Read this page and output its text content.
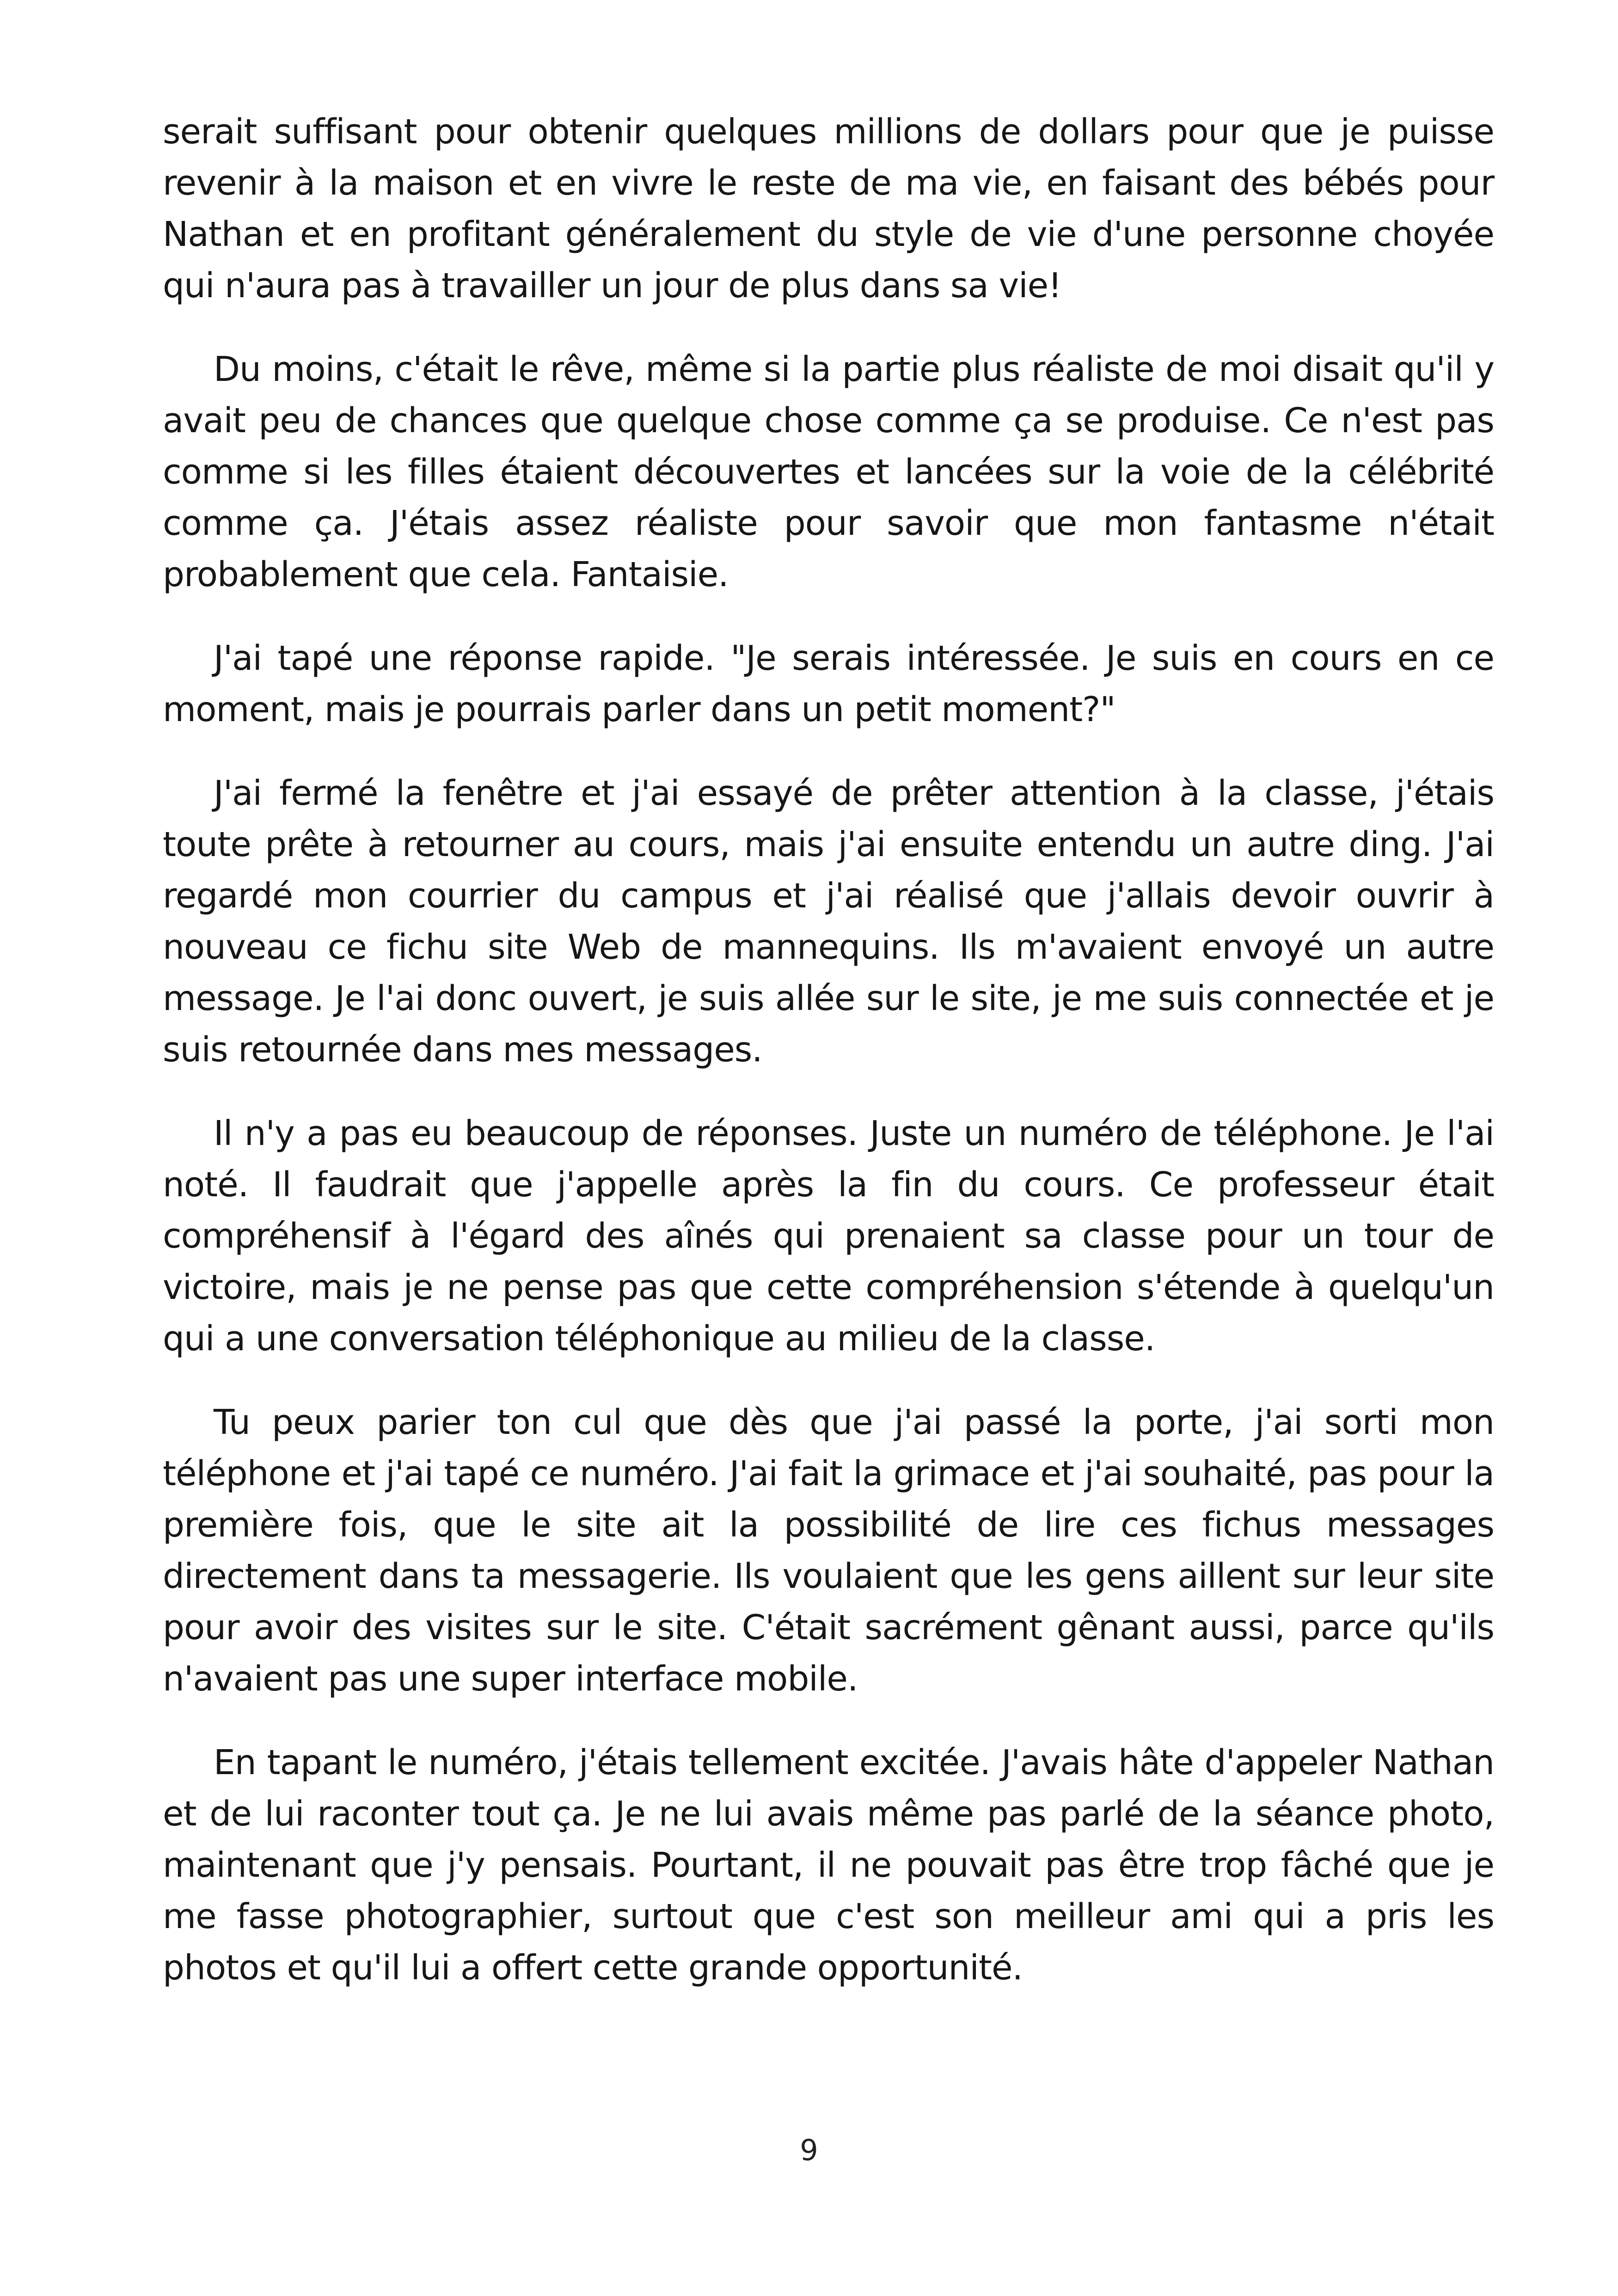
serait suffisant pour obtenir quelques millions de dollars pour que je puisse revenir à la maison et en vivre le reste de ma vie, en faisant des bébés pour Nathan et en profitant généralement du style de vie d'une personne choyée qui n'aura pas à travailler un jour de plus dans sa vie!

Du moins, c'était le rêve, même si la partie plus réaliste de moi disait qu'il y avait peu de chances que quelque chose comme ça se produise. Ce n'est pas comme si les filles étaient découvertes et lancées sur la voie de la célébrité comme ça. J'étais assez réaliste pour savoir que mon fantasme n'était probablement que cela. Fantaisie.

J'ai tapé une réponse rapide. "Je serais intéressée. Je suis en cours en ce moment, mais je pourrais parler dans un petit moment?"

J'ai fermé la fenêtre et j'ai essayé de prêter attention à la classe, j'étais toute prête à retourner au cours, mais j'ai ensuite entendu un autre ding. J'ai regardé mon courrier du campus et j'ai réalisé que j'allais devoir ouvrir à nouveau ce fichu site Web de mannequins. Ils m'avaient envoyé un autre message. Je l'ai donc ouvert, je suis allée sur le site, je me suis connectée et je suis retournée dans mes messages.

Il n'y a pas eu beaucoup de réponses. Juste un numéro de téléphone. Je l'ai noté. Il faudrait que j'appelle après la fin du cours. Ce professeur était compréhensif à l'égard des aînés qui prenaient sa classe pour un tour de victoire, mais je ne pense pas que cette compréhension s'étende à quelqu'un qui a une conversation téléphonique au milieu de la classe.

Tu peux parier ton cul que dès que j'ai passé la porte, j'ai sorti mon téléphone et j'ai tapé ce numéro. J'ai fait la grimace et j'ai souhaité, pas pour la première fois, que le site ait la possibilité de lire ces fichus messages directement dans ta messagerie. Ils voulaient que les gens aillent sur leur site pour avoir des visites sur le site. C'était sacrément gênant aussi, parce qu'ils n'avaient pas une super interface mobile.

En tapant le numéro, j'étais tellement excitée. J'avais hâte d'appeler Nathan et de lui raconter tout ça. Je ne lui avais même pas parlé de la séance photo, maintenant que j'y pensais. Pourtant, il ne pouvait pas être trop fâché que je me fasse photographier, surtout que c'est son meilleur ami qui a pris les photos et qu'il lui a offert cette grande opportunité.

9
